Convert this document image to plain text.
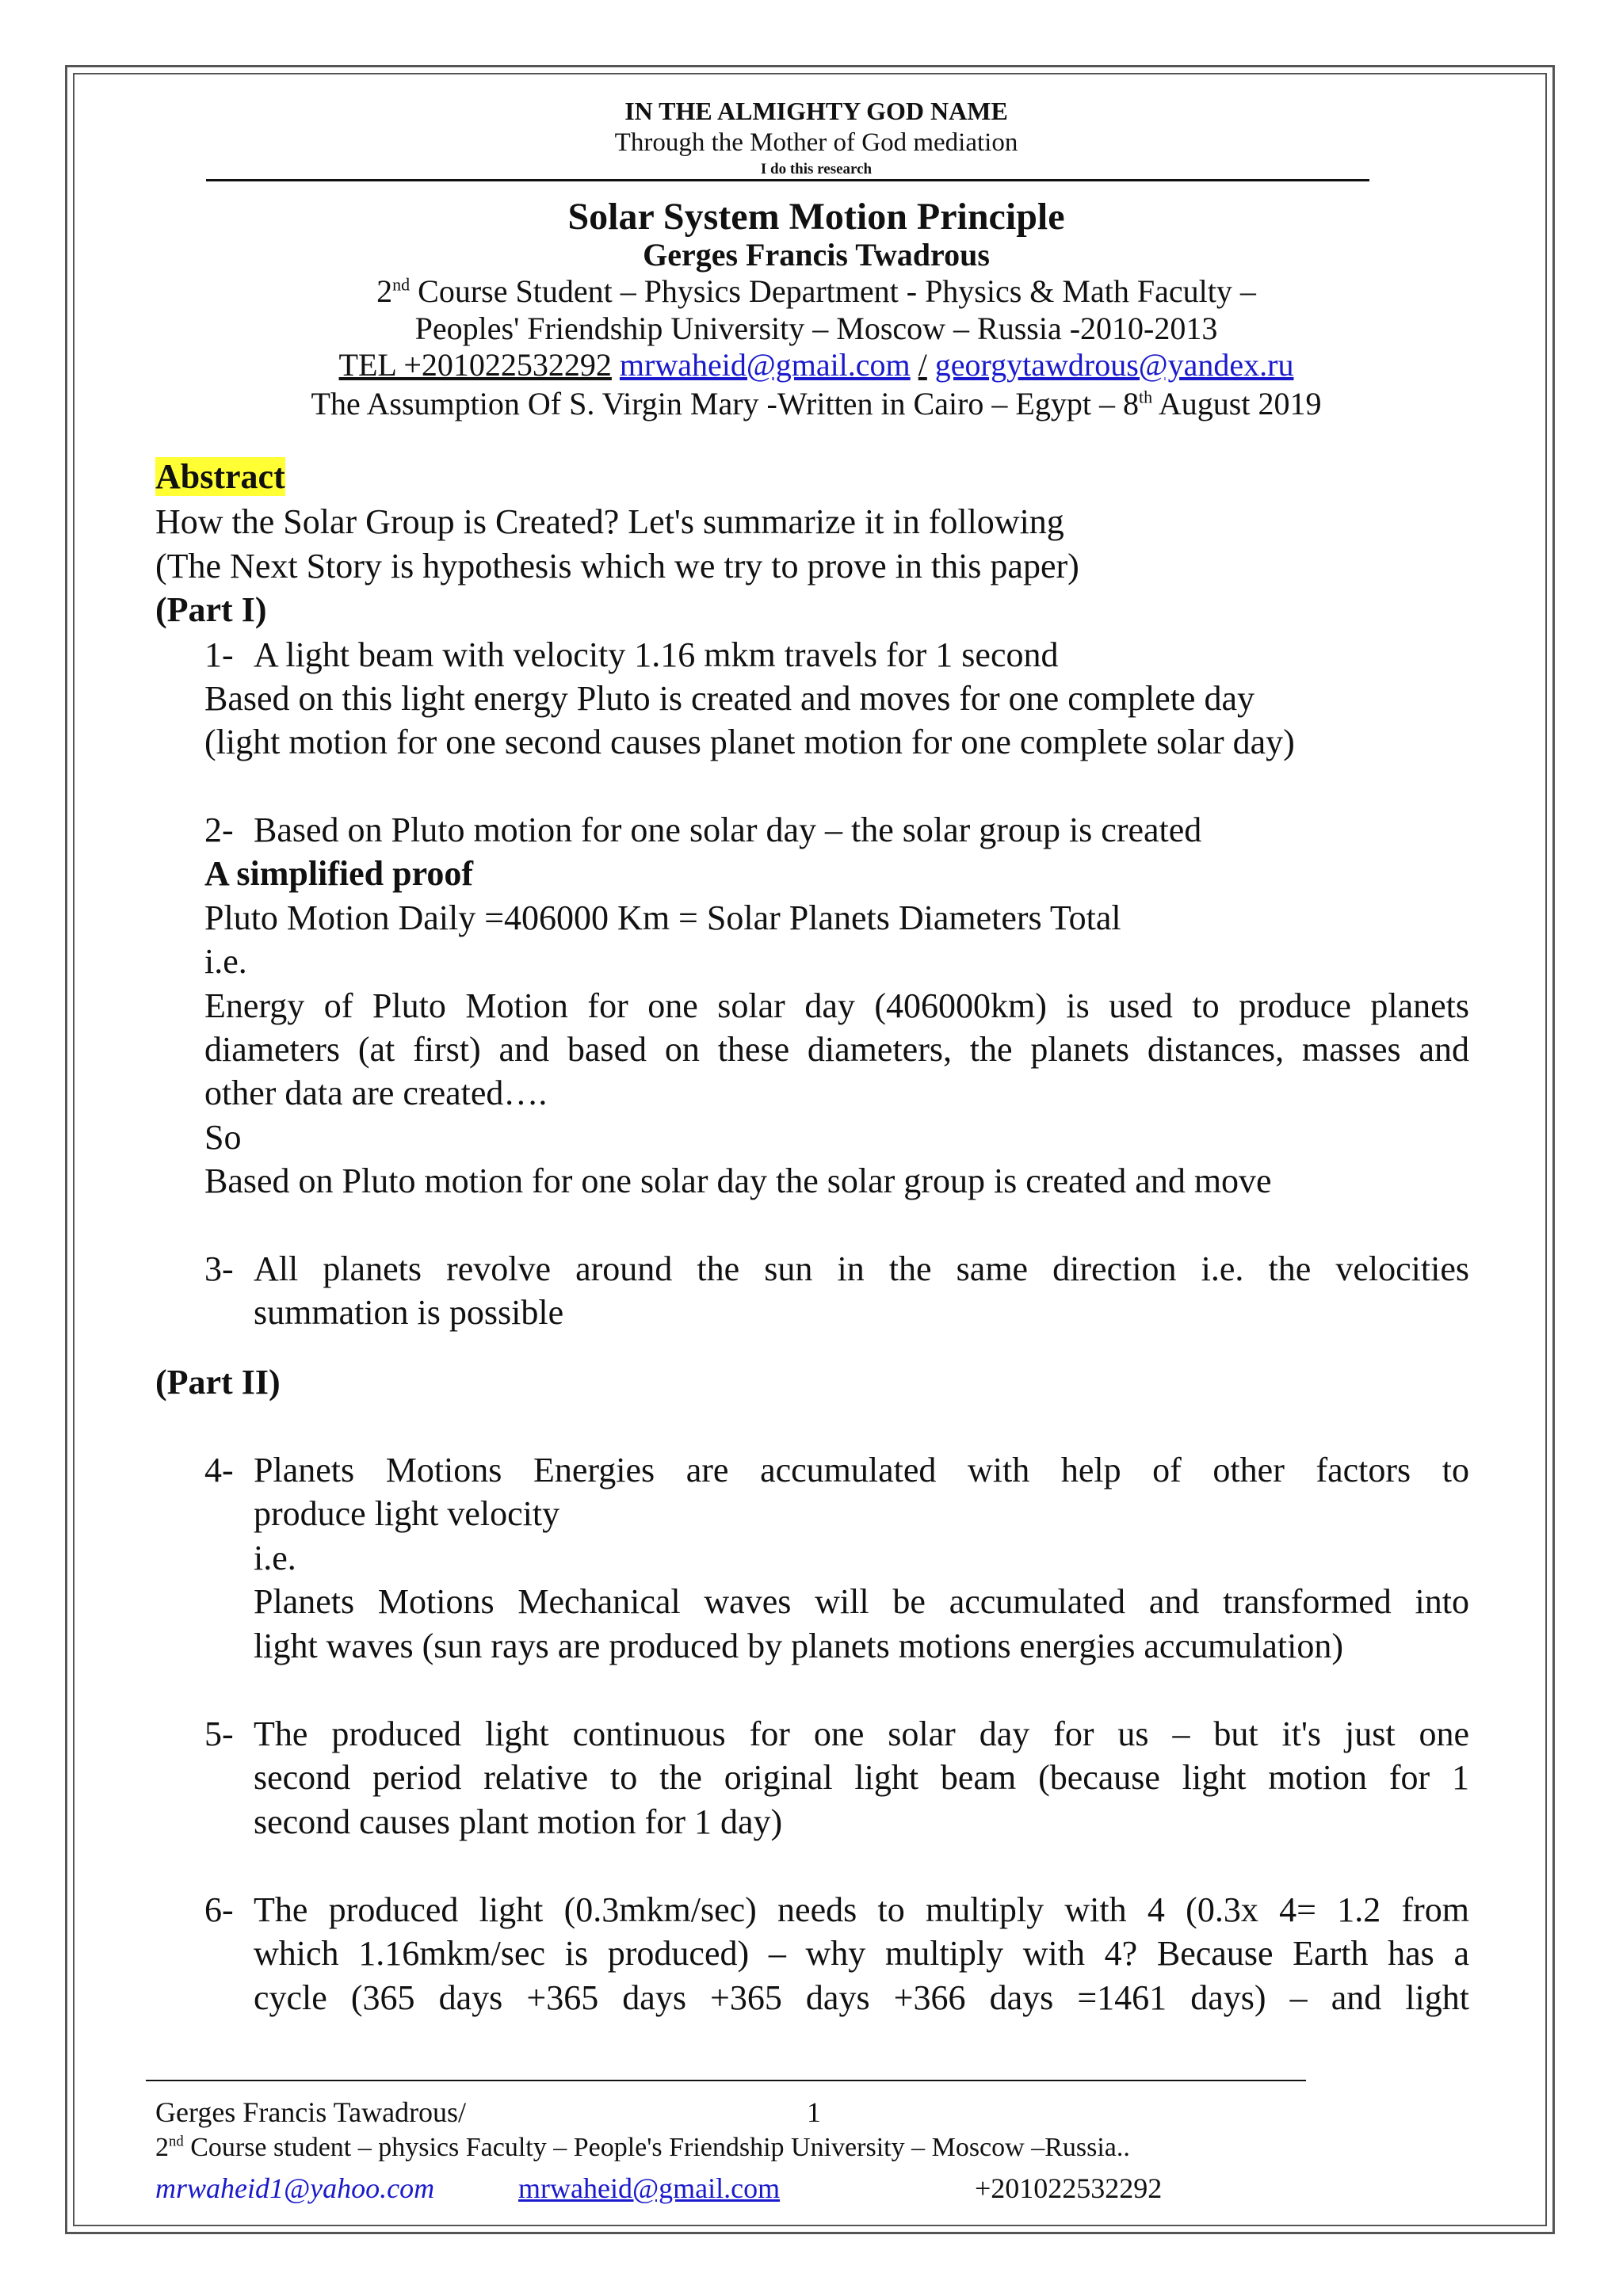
IN THE ALMIGHTY GOD NAME
Through the Mother of God mediation
I do this research
Solar System Motion Principle
Gerges Francis Twadrous
2nd Course Student – Physics Department - Physics & Math Faculty –
Peoples' Friendship University – Moscow – Russia -2010-2013
TEL +201022532292 mrwaheid@gmail.com / georgytawdrous@yandex.ru
The Assumption Of S. Virgin Mary -Written in Cairo – Egypt – 8th August 2019
Abstract
How the Solar Group is Created? Let's summarize it in following
(The Next Story is hypothesis which we try to prove in this paper)
(Part I)
1- A light beam with velocity 1.16 mkm travels for 1 second
Based on this light energy Pluto is created and moves for one complete day
(light motion for one second causes planet motion for one complete solar day)
2- Based on Pluto motion for one solar day – the solar group is created
A simplified proof
Pluto Motion Daily =406000 Km = Solar Planets Diameters Total
i.e.
Energy of Pluto Motion for one solar day (406000km) is used to produce planets
diameters (at first) and based on these diameters, the planets distances, masses and
other data are created….
So
Based on Pluto motion for one solar day the solar group is created and move
3- All planets revolve around the sun in the same direction i.e. the velocities
summation is possible
(Part II)
4- Planets Motions Energies are accumulated with help of other factors to
produce light velocity
i.e.
Planets Motions Mechanical waves will be accumulated and transformed into
light waves (sun rays are produced by planets motions energies accumulation)
5- The produced light continuous for one solar day for us – but it's just one
second period relative to the original light beam (because light motion for 1
second causes plant motion for 1 day)
6- The produced light (0.3mkm/sec) needs to multiply with 4 (0.3x 4= 1.2 from
which 1.16mkm/sec is produced) – why multiply with 4? Because Earth has a
cycle (365 days +365 days +365 days +366 days =1461 days) – and light
Gerges Francis Tawadrous/	1
2nd Course student – physics Faculty – People's Friendship University – Moscow –Russia..
mrwaheid1@yahoo.com	mrwaheid@gmail.com	+201022532292
